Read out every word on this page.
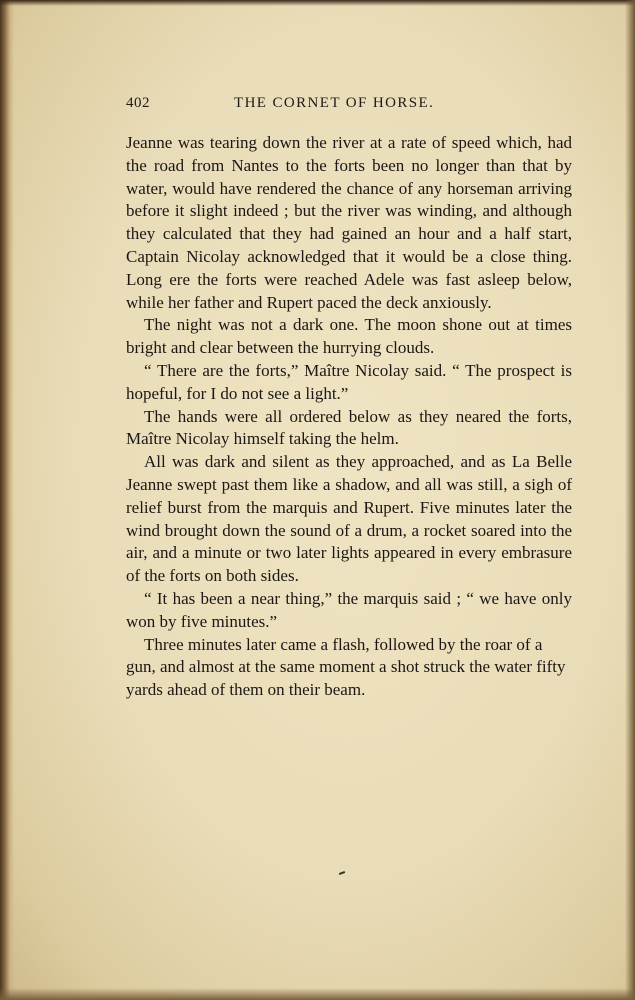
402	THE CORNET OF HORSE.

Jeanne was tearing down the river at a rate of speed which, had the road from Nantes to the forts been no longer than that by water, would have rendered the chance of any horseman arriving before it slight indeed ; but the river was winding, and although they calculated that they had gained an hour and a half start, Captain Nicolay acknowledged that it would be a close thing. Long ere the forts were reached Adele was fast asleep below, while her father and Rupert paced the deck anxiously.

The night was not a dark one. The moon shone out at times bright and clear between the hurrying clouds.

“ There are the forts,” Maître Nicolay said. “ The prospect is hopeful, for I do not see a light.”

The hands were all ordered below as they neared the forts, Maître Nicolay himself taking the helm.

All was dark and silent as they approached, and as La Belle Jeanne swept past them like a shadow, and all was still, a sigh of relief burst from the marquis and Rupert. Five minutes later the wind brought down the sound of a drum, a rocket soared into the air, and a minute or two later lights appeared in every embrasure of the forts on both sides.

“ It has been a near thing,” the marquis said ; “ we have only won by five minutes.”

Three minutes later came a flash, followed by the roar of a gun, and almost at the same moment a shot struck the water fifty yards ahead of them on their beam.
